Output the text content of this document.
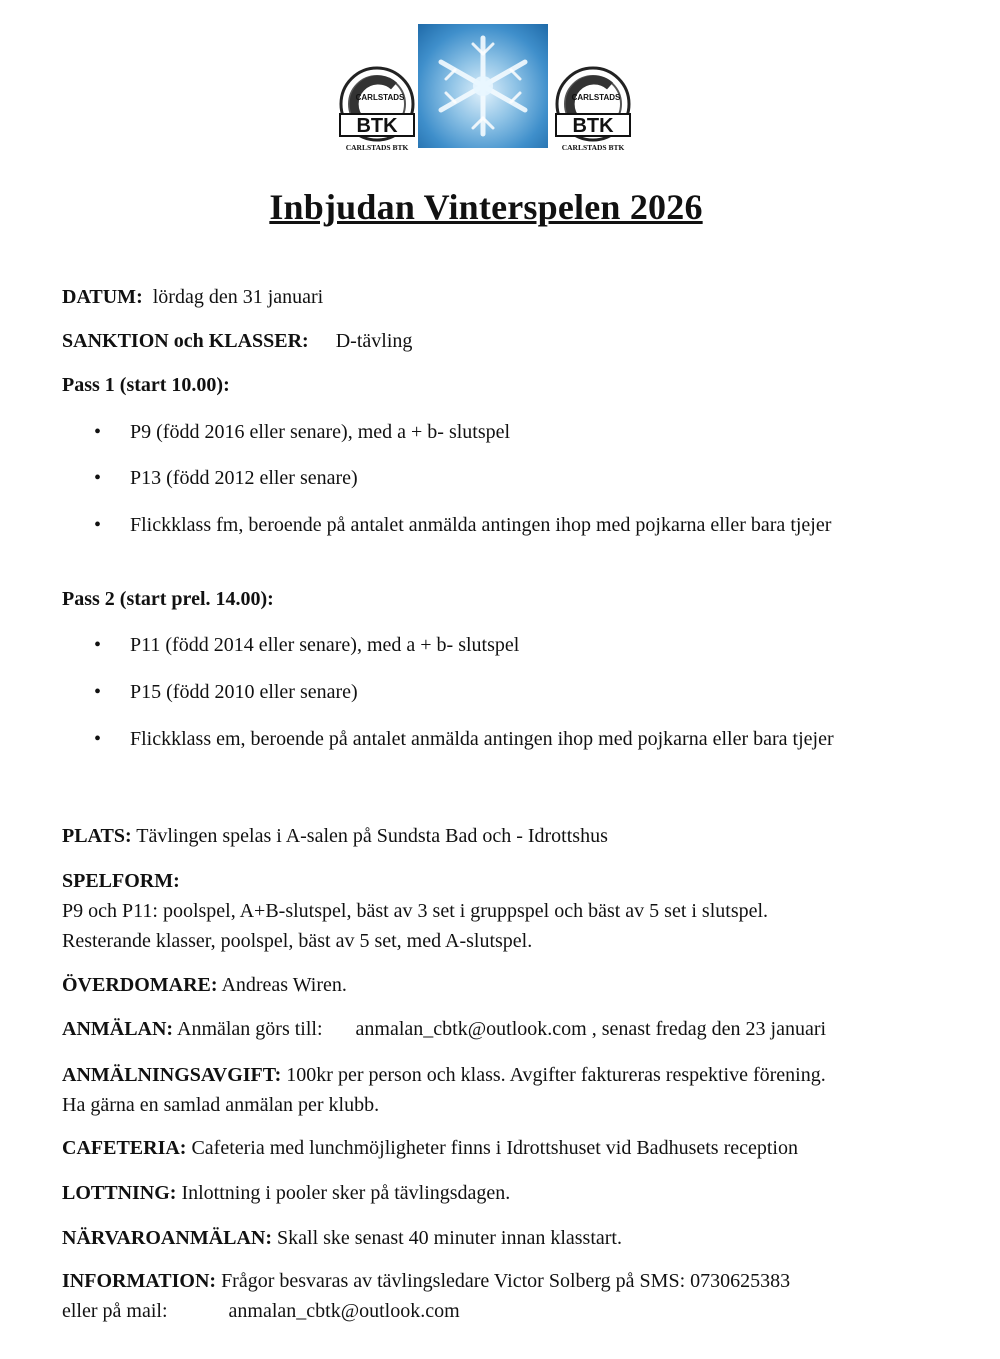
CARLSTADS
BTK
CARLSTADS BTK
CARLSTADS
BTK
CARLSTADS BTK
Inbjudan Vinterspelen 2026

DATUM: lördag den 31 januari

SANKTION och KLASSER: D-tävling

Pass 1 (start 10.00):

• P9 (född 2016 eller senare), med a + b- slutspel
• P13 (född 2012 eller senare)
• Flickklass fm, beroende på antalet anmälda antingen ihop med pojkarna eller bara tjejer

Pass 2 (start prel. 14.00):

• P11 (född 2014 eller senare), med a + b- slutspel
• P15 (född 2010 eller senare)
• Flickklass em, beroende på antalet anmälda antingen ihop med pojkarna eller bara tjejer

PLATS: Tävlingen spelas i A-salen på Sundsta Bad och - Idrottshus

SPELFORM:
P9 och P11: poolspel, A+B-slutspel, bäst av 3 set i gruppspel och bäst av 5 set i slutspel.
Resterande klasser, poolspel, bäst av 5 set, med A-slutspel.

ÖVERDOMARE: Andreas Wiren.

ANMÄLAN: Anmälan görs till: anmalan_cbtk@outlook.com , senast fredag den 23 januari

ANMÄLNINGSAVGIFT: 100kr per person och klass. Avgifter faktureras respektive förening. Ha gärna en samlad anmälan per klubb.

CAFETERIA: Cafeteria med lunchmöjligheter finns i Idrottshuset vid Badhusets reception

LOTTNING: Inlottning i pooler sker på tävlingsdagen.

NÄRVAROANMÄLAN: Skall ske senast 40 minuter innan klasstart.

INFORMATION: Frågor besvaras av tävlingsledare Victor Solberg på SMS: 0730625383
eller på mail:	anmalan_cbtk@outlook.com
